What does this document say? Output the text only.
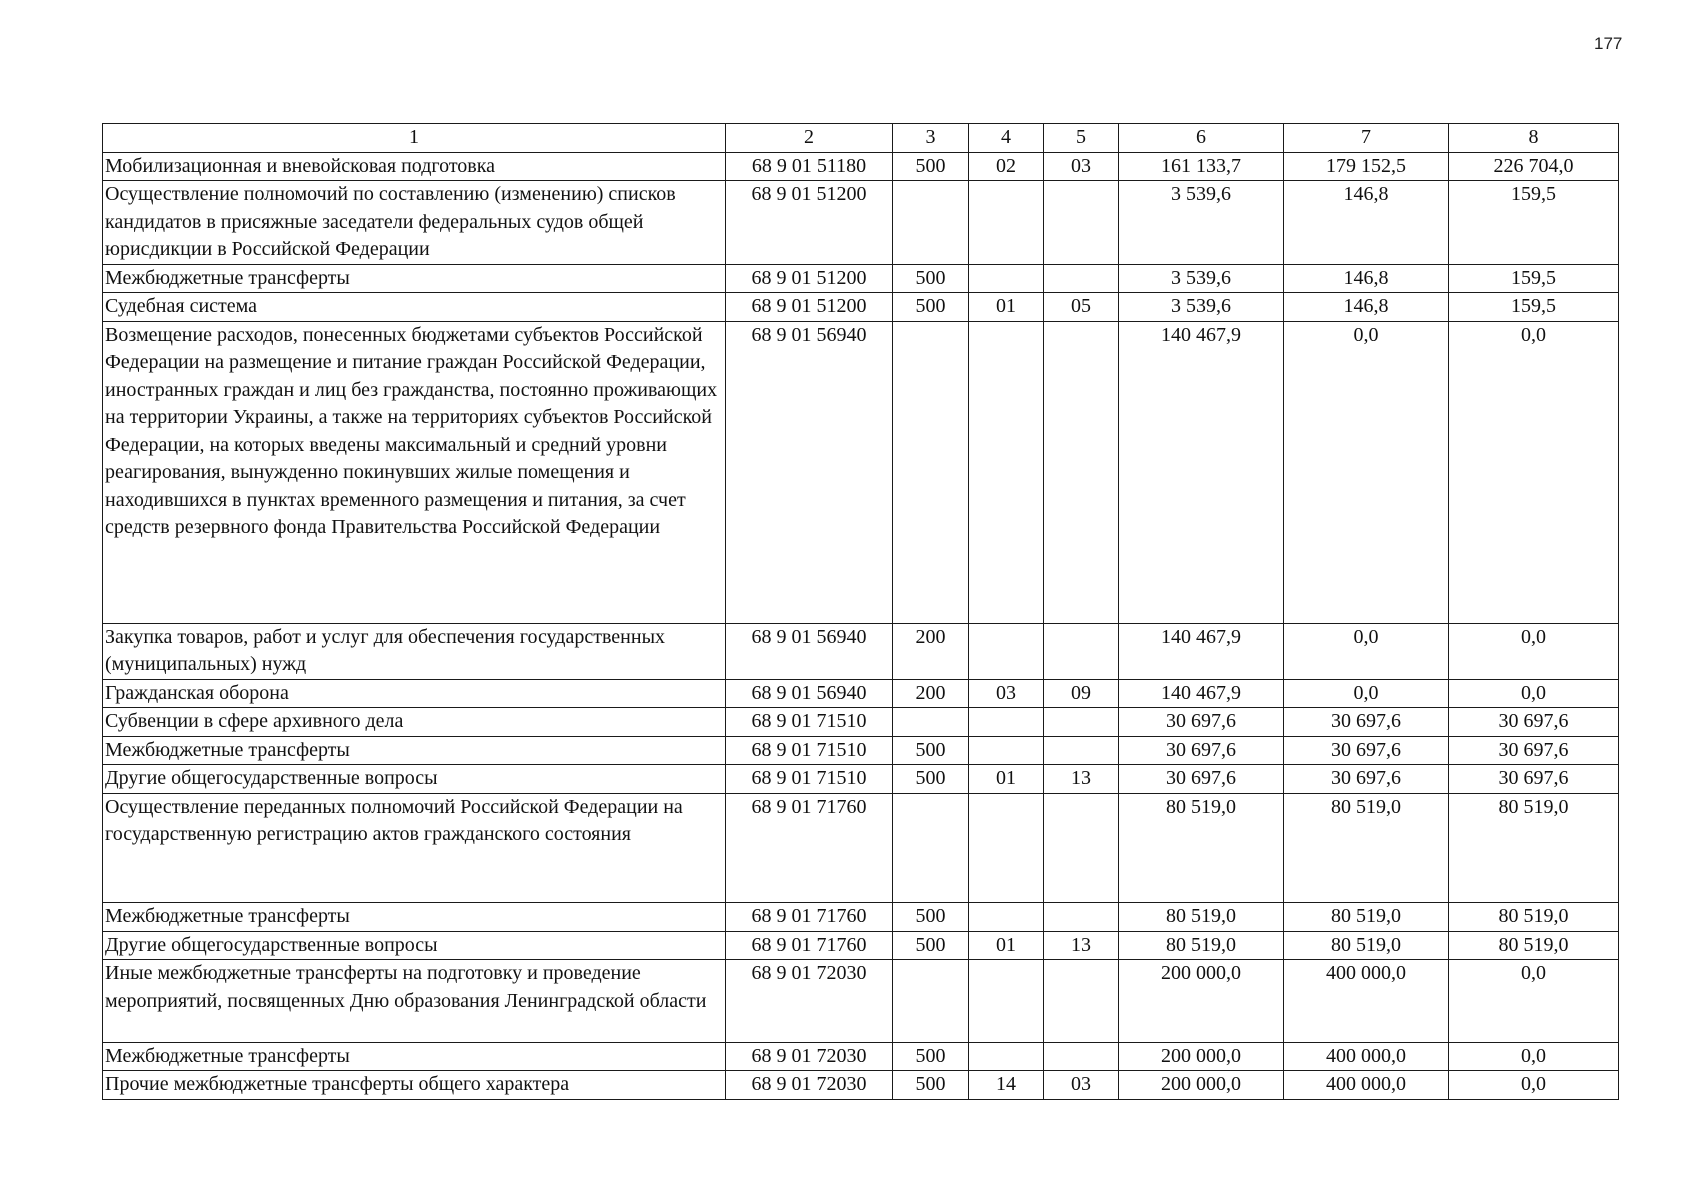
177
1	2	3	4	5	6	7	8
Мобилизационная и вневойсковая подготовка	68 9 01 51180	500	02	03	161 133,7	179 152,5	226 704,0
Осуществление полномочий по составлению (изменению) списков кандидатов в присяжные заседатели федеральных судов общей юрисдикции в Российской Федерации	68 9 01 51200				3 539,6	146,8	159,5
Межбюджетные трансферты	68 9 01 51200	500			3 539,6	146,8	159,5
Судебная система	68 9 01 51200	500	01	05	3 539,6	146,8	159,5
Возмещение расходов, понесенных бюджетами субъектов Российской Федерации на размещение и питание граждан Российской Федерации, иностранных граждан и лиц без гражданства, постоянно проживающих на территории Украины, а также на территориях субъектов Российской Федерации, на которых введены максимальный и средний уровни реагирования, вынужденно покинувших жилые помещения и находившихся в пунктах временного размещения и питания, за счет средств резервного фонда Правительства Российской Федерации	68 9 01 56940				140 467,9	0,0	0,0
Закупка товаров, работ и услуг для обеспечения государственных (муниципальных) нужд	68 9 01 56940	200			140 467,9	0,0	0,0
Гражданская оборона	68 9 01 56940	200	03	09	140 467,9	0,0	0,0
Субвенции в сфере архивного дела	68 9 01 71510				30 697,6	30 697,6	30 697,6
Межбюджетные трансферты	68 9 01 71510	500			30 697,6	30 697,6	30 697,6
Другие общегосударственные вопросы	68 9 01 71510	500	01	13	30 697,6	30 697,6	30 697,6
Осуществление переданных полномочий Российской Федерации на государственную регистрацию актов гражданского состояния	68 9 01 71760				80 519,0	80 519,0	80 519,0
Межбюджетные трансферты	68 9 01 71760	500			80 519,0	80 519,0	80 519,0
Другие общегосударственные вопросы	68 9 01 71760	500	01	13	80 519,0	80 519,0	80 519,0
Иные межбюджетные трансферты на подготовку и проведение мероприятий, посвященных Дню образования Ленинградской области	68 9 01 72030				200 000,0	400 000,0	0,0
Межбюджетные трансферты	68 9 01 72030	500			200 000,0	400 000,0	0,0
Прочие межбюджетные трансферты общего характера	68 9 01 72030	500	14	03	200 000,0	400 000,0	0,0
